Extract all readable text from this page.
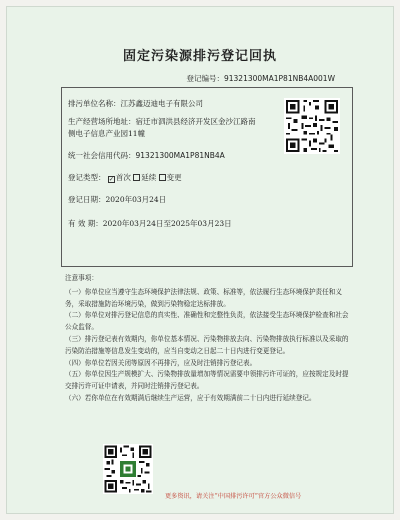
固定污染源排污登记回执
登记编号：91321300MA1P81NB4A001W
排污单位名称：江苏鑫迈迪电子有限公司
生产经营场所地址：宿迁市泗洪县经济开发区金沙江路南
侧电子信息产业园11幢
统一社会信用代码：91321300MA1P81NB4A
登记类型： ✓ 首次 延续 变更
登记日期：2020年03月24日
有 效 期：2020年03月24日至2025年03月23日
注意事项：

（一）你单位应当遵守生态环境保护法律法规、政策、标准等，依法履行生态环境保护责任和义务，采取措施防治环境污染，做到污染物稳定达标排放。

（二）你单位对排污登记信息的真实性、准确性和完整性负责，依法接受生态环境保护检查和社会公众监督。

（三）排污登记表有效期内，你单位基本情况、污染物排放去向、污染物排放执行标准以及采取的污染防治措施等信息发生变动的，应当自变动之日起二十日内进行变更登记。

（四）你单位若因关闭等原因不再排污，应及时注销排污登记表。

（五）你单位因生产规模扩大、污染物排放量增加等情况需要申领排污许可证的，应按规定及时提交排污许可证申请表，并同时注销排污登记表。

（六）若你单位在有效期满后继续生产运营，应于有效期满前二十日内进行延续登记。

更多资讯，请关注“中国排污许可”官方公众微信号
